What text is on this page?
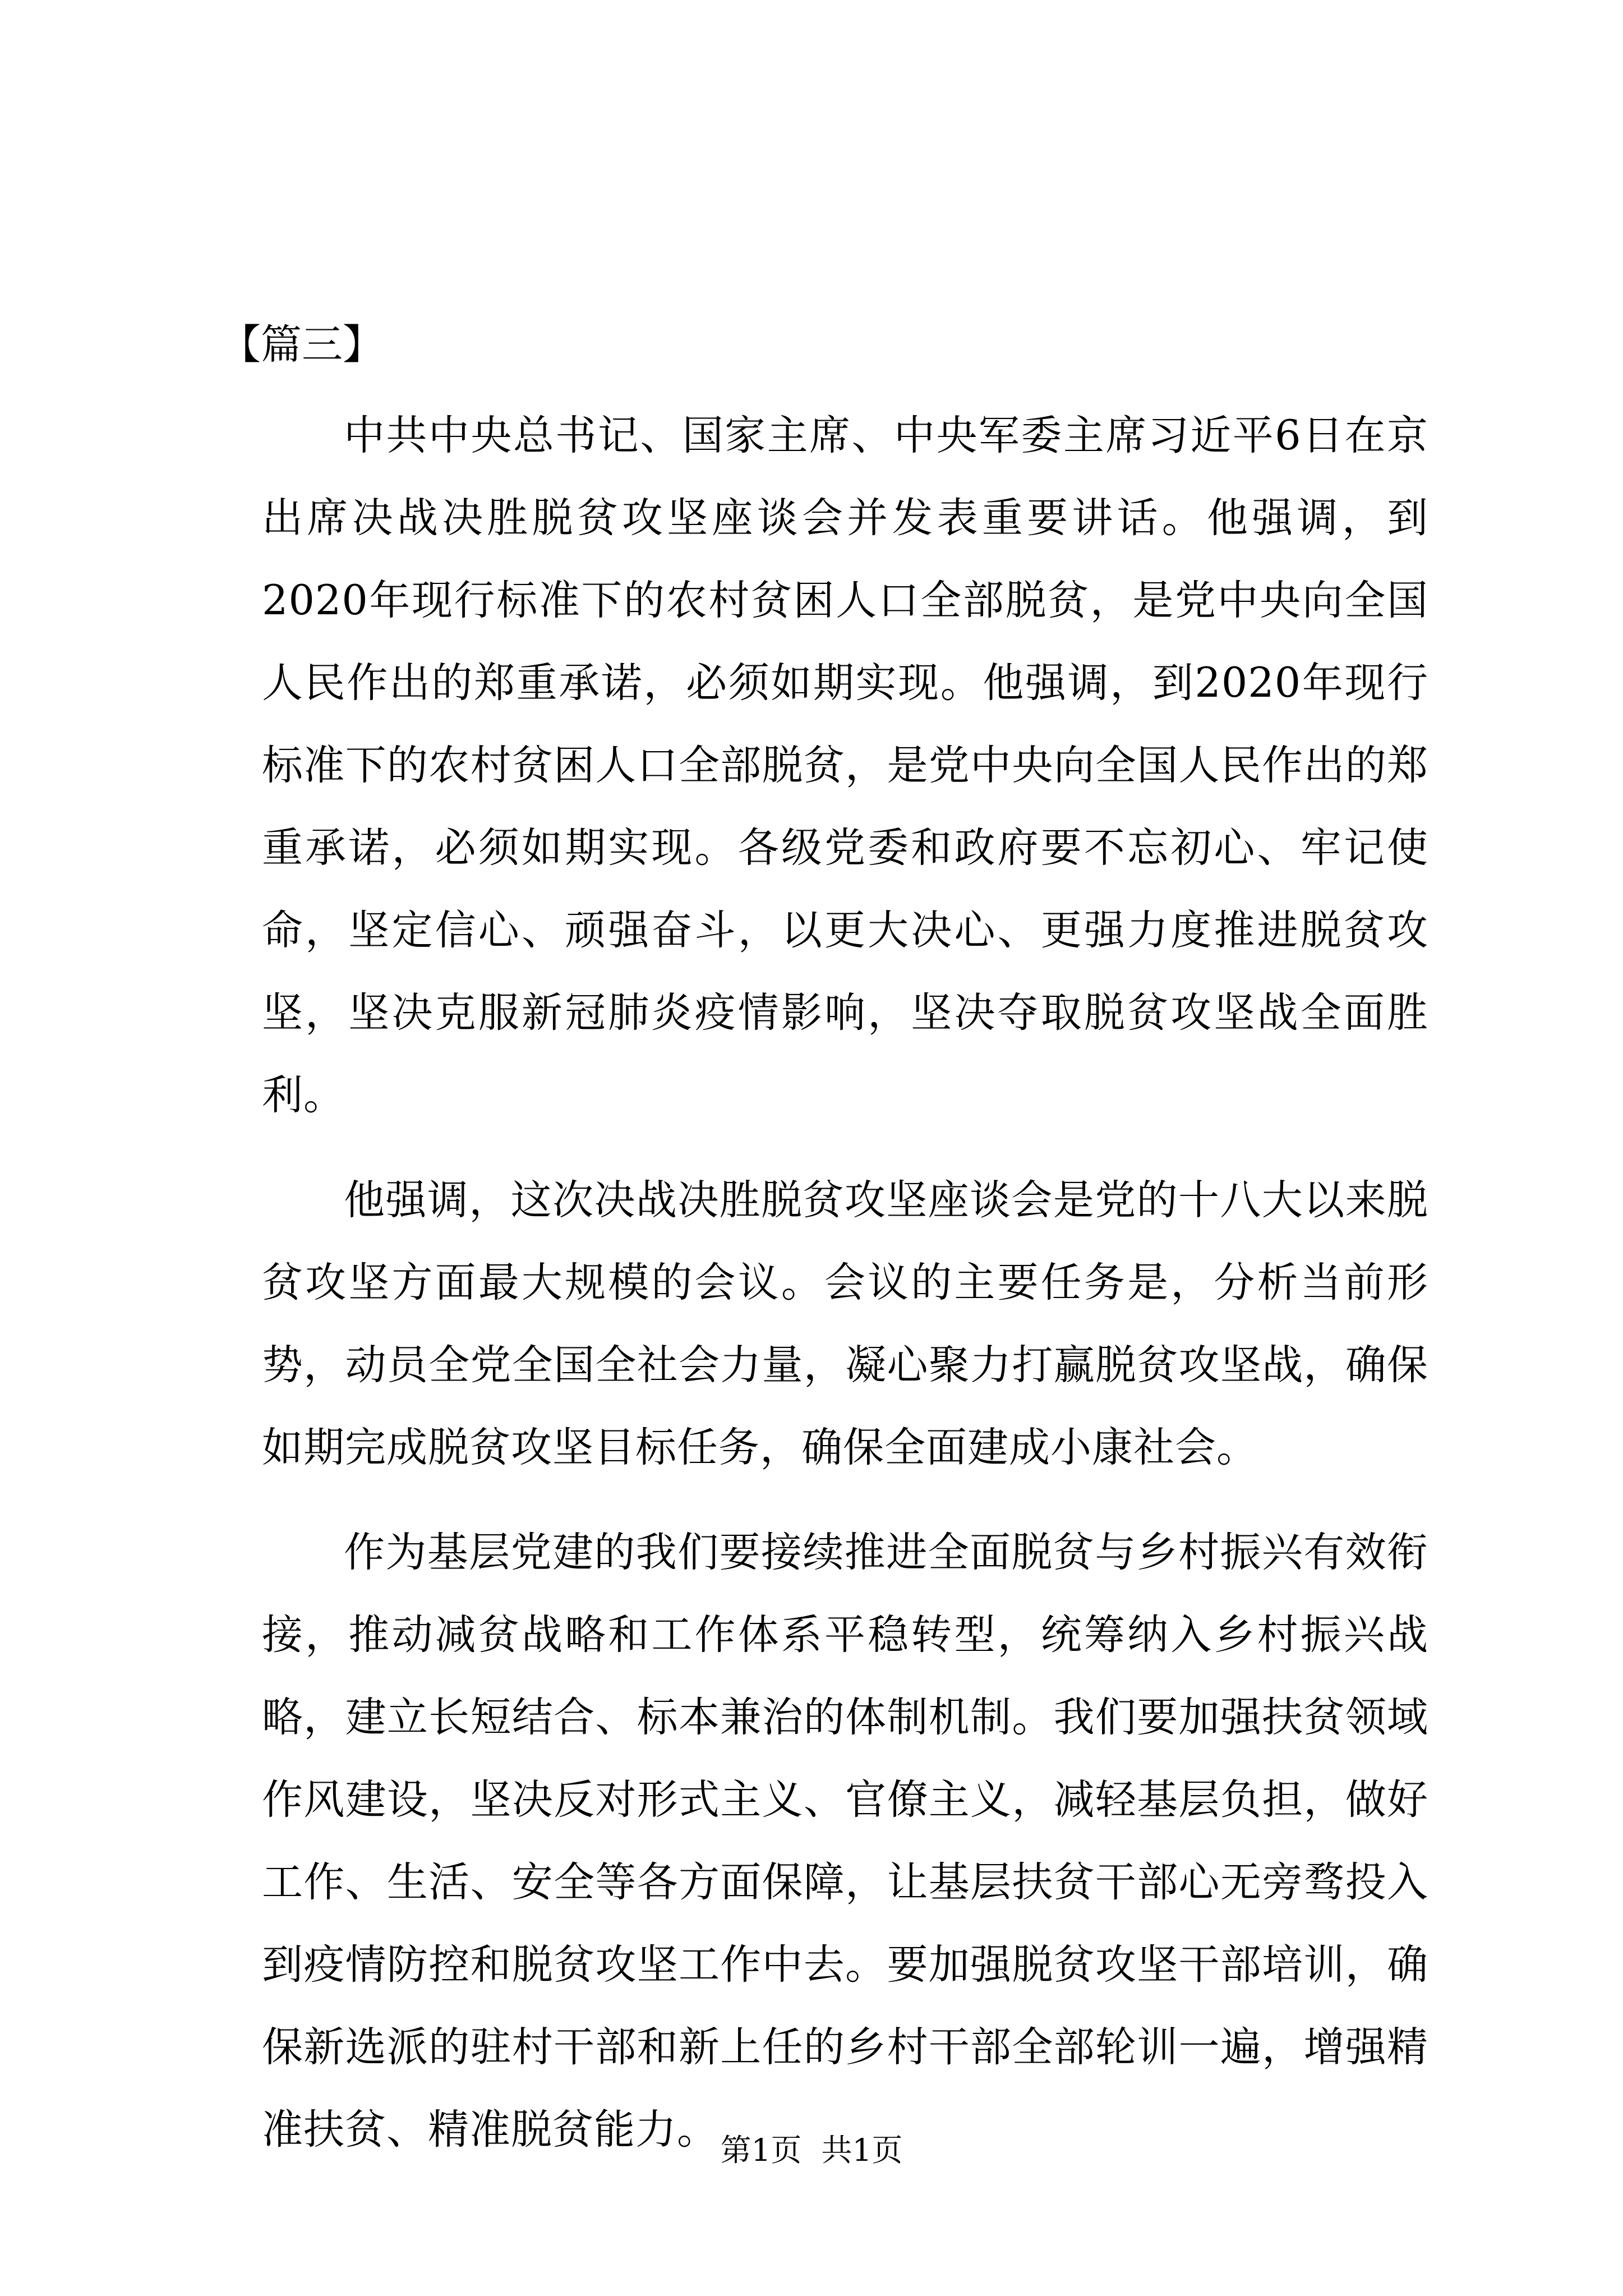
【篇三】

中共中央总书记、国家主席、中央军委主席习近平6日在京出席决战决胜脱贫攻坚座谈会并发表重要讲话。他强调，到2020年现行标准下的农村贫困人口全部脱贫，是党中央向全国人民作出的郑重承诺，必须如期实现。他强调，到2020年现行标准下的农村贫困人口全部脱贫，是党中央向全国人民作出的郑重承诺，必须如期实现。各级党委和政府要不忘初心、牢记使命，坚定信心、顽强奋斗，以更大决心、更强力度推进脱贫攻坚，坚决克服新冠肺炎疫情影响，坚决夺取脱贫攻坚战全面胜利。

他强调，这次决战决胜脱贫攻坚座谈会是党的十八大以来脱贫攻坚方面最大规模的会议。会议的主要任务是，分析当前形势，动员全党全国全社会力量，凝心聚力打赢脱贫攻坚战，确保如期完成脱贫攻坚目标任务，确保全面建成小康社会。

作为基层党建的我们要接续推进全面脱贫与乡村振兴有效衔接，推动减贫战略和工作体系平稳转型，统筹纳入乡村振兴战略，建立长短结合、标本兼治的体制机制。我们要加强扶贫领域作风建设，坚决反对形式主义、官僚主义，减轻基层负担，做好工作、生活、安全等各方面保障，让基层扶贫干部心无旁骛投入到疫情防控和脱贫攻坚工作中去。要加强脱贫攻坚干部培训，确保新选派的驻村干部和新上任的乡村干部全部轮训一遍，增强精准扶贫、精准脱贫能力。 第1页  共1页
